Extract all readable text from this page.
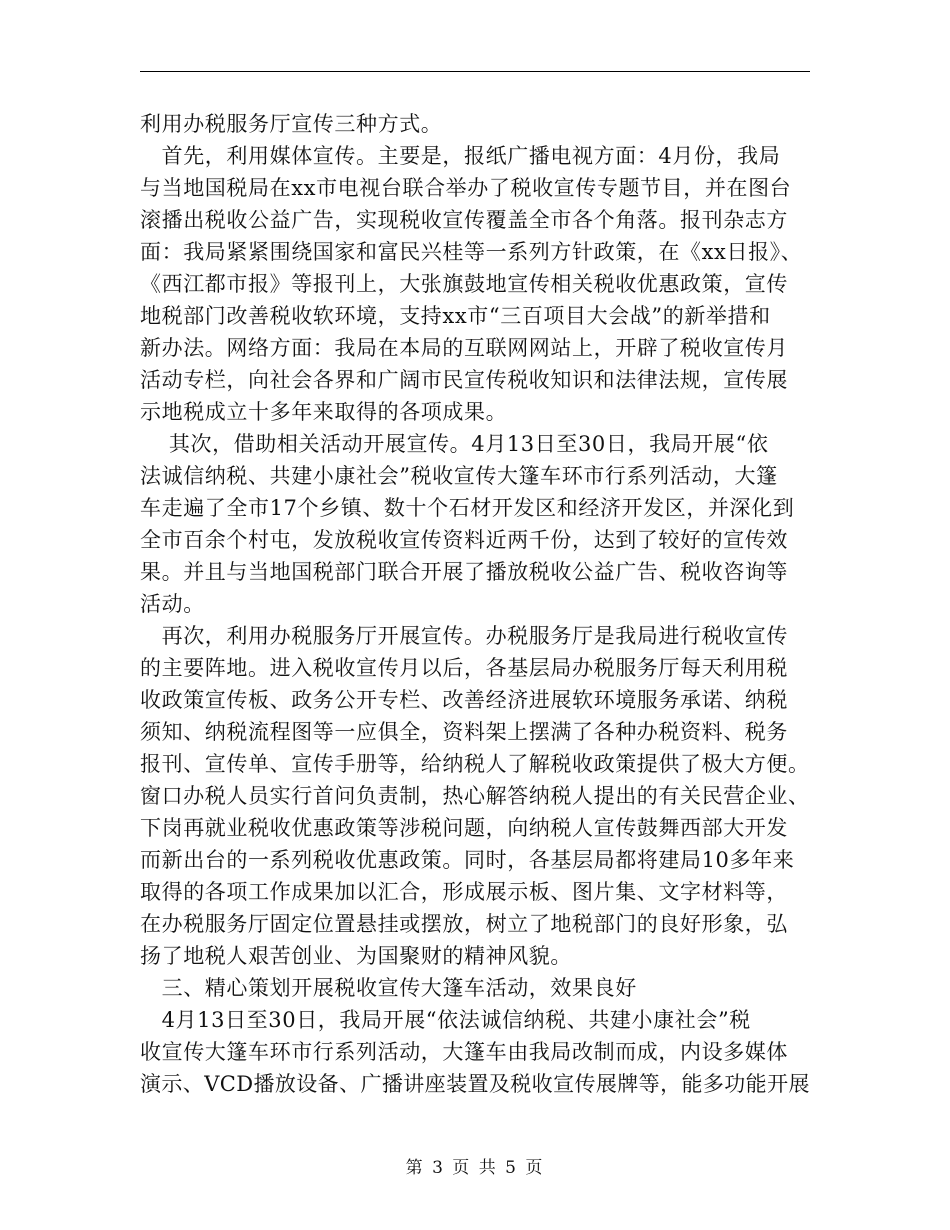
利用办税服务厅宣传三种方式。
　首先，利用媒体宣传。主要是，报纸广播电视方面：4月份，我局
与当地国税局在xx市电视台联合举办了税收宣传专题节目，并在图台
滚播出税收公益广告，实现税收宣传覆盖全市各个角落。报刊杂志方
面：我局紧紧围绕国家和富民兴桂等一系列方针政策，在《xx日报》、
《西江都市报》等报刊上，大张旗鼓地宣传相关税收优惠政策，宣传
地税部门改善税收软环境，支持xx市“三百项目大会战”的新举措和
新办法。网络方面：我局在本局的互联网网站上，开辟了税收宣传月
活动专栏，向社会各界和广阔市民宣传税收知识和法律法规，宣传展
示地税成立十多年来取得的各项成果。
　 其次，借助相关活动开展宣传。4月13日至30日，我局开展“依
法诚信纳税、共建小康社会”税收宣传大篷车环市行系列活动，大篷
车走遍了全市17个乡镇、数十个石材开发区和经济开发区，并深化到
全市百余个村屯，发放税收宣传资料近两千份，达到了较好的宣传效
果。并且与当地国税部门联合开展了播放税收公益广告、税收咨询等
活动。
　再次，利用办税服务厅开展宣传。办税服务厅是我局进行税收宣传
的主要阵地。进入税收宣传月以后，各基层局办税服务厅每天利用税
收政策宣传板、政务公开专栏、改善经济进展软环境服务承诺、纳税
须知、纳税流程图等一应俱全，资料架上摆满了各种办税资料、税务
报刊、宣传单、宣传手册等，给纳税人了解税收政策提供了极大方便。
窗口办税人员实行首问负责制，热心解答纳税人提出的有关民营企业、
下岗再就业税收优惠政策等涉税问题，向纳税人宣传鼓舞西部大开发
而新出台的一系列税收优惠政策。同时，各基层局都将建局10多年来
取得的各项工作成果加以汇合，形成展示板、图片集、文字材料等，
在办税服务厅固定位置悬挂或摆放，树立了地税部门的良好形象，弘
扬了地税人艰苦创业、为国聚财的精神风貌。
　三、精心策划开展税收宣传大篷车活动，效果良好
　4月13日至30日，我局开展“依法诚信纳税、共建小康社会”税
收宣传大篷车环市行系列活动，大篷车由我局改制而成，内设多媒体
演示、VCD播放设备、广播讲座装置及税收宣传展牌等，能多功能开展
第 3 页 共 5 页
